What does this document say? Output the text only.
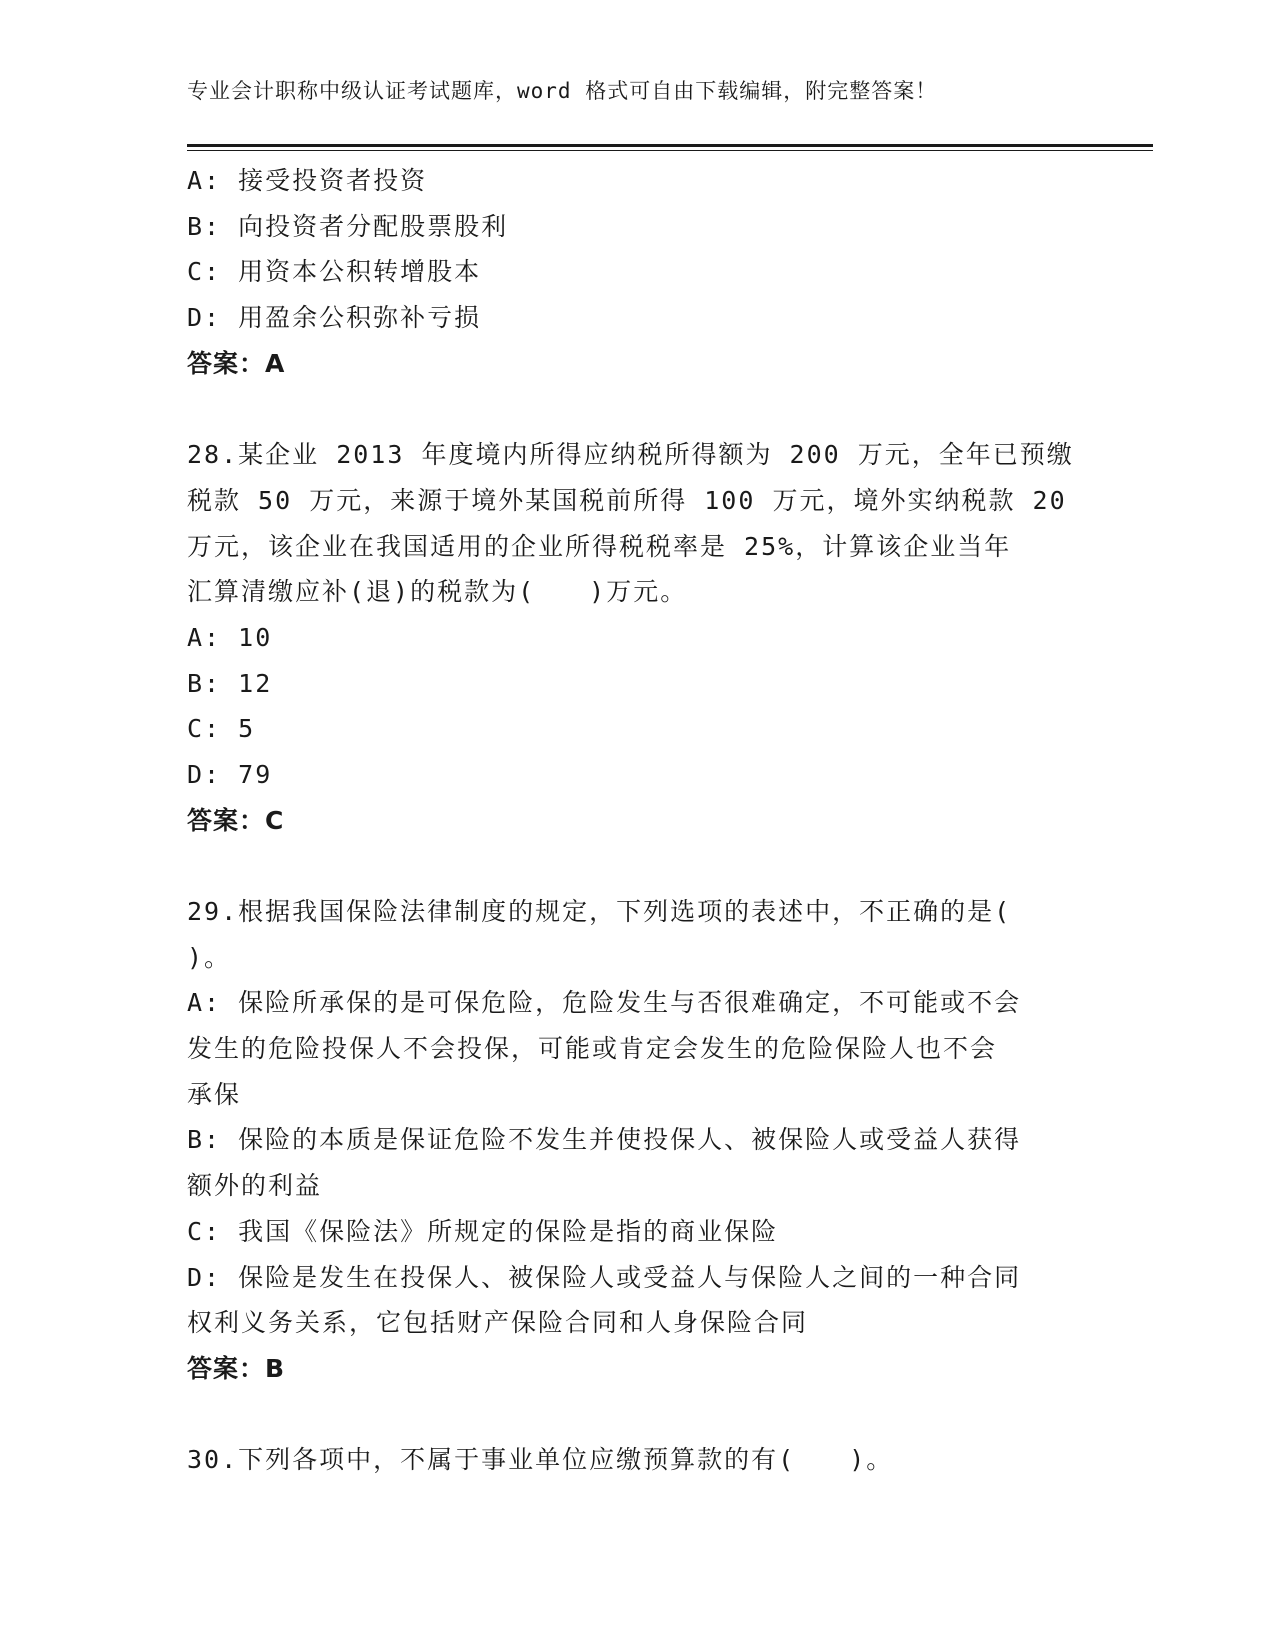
专业会计职称中级认证考试题库，word 格式可自由下载编辑，附完整答案！
A: 接受投资者投资
B: 向投资者分配股票股利
C: 用资本公积转增股本
D: 用盈余公积弥补亏损
答案：A
28.某企业 2013 年度境内所得应纳税所得额为 200 万元，全年已预缴
税款 50 万元，来源于境外某国税前所得 100 万元，境外实纳税款 20
万元，该企业在我国适用的企业所得税税率是 25%，计算该企业当年
汇算清缴应补(退)的税款为(　　)万元。
A: 10
B: 12
C: 5
D: 79
答案：C
29.根据我国保险法律制度的规定，下列选项的表述中，不正确的是(
)。
A: 保险所承保的是可保危险，危险发生与否很难确定，不可能或不会
发生的危险投保人不会投保，可能或肯定会发生的危险保险人也不会
承保
B: 保险的本质是保证危险不发生并使投保人、被保险人或受益人获得
额外的利益
C: 我国《保险法》所规定的保险是指的商业保险
D: 保险是发生在投保人、被保险人或受益人与保险人之间的一种合同
权利义务关系，它包括财产保险合同和人身保险合同
答案：B
30.下列各项中，不属于事业单位应缴预算款的有(　　)。
